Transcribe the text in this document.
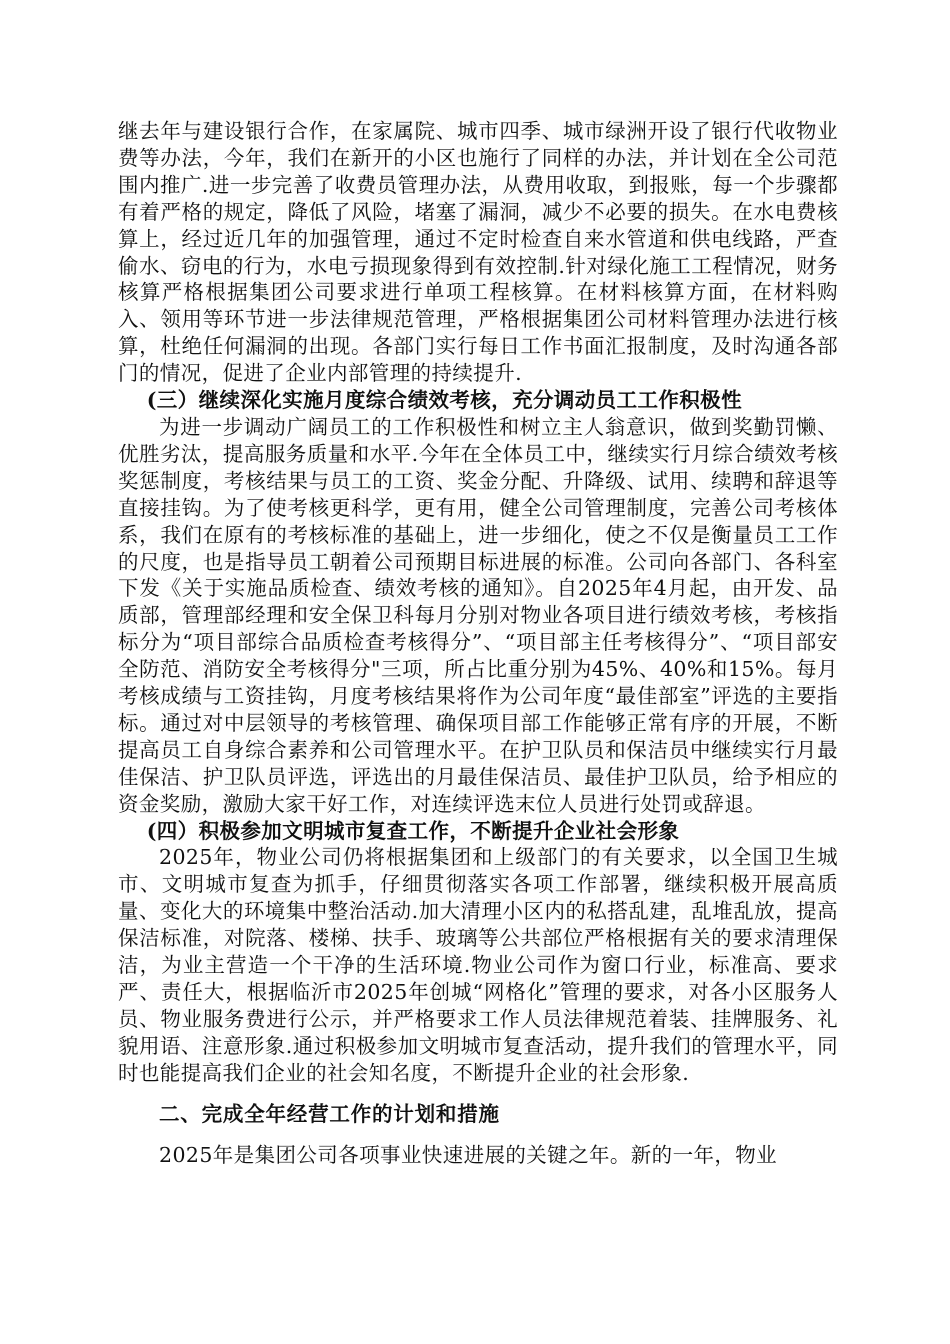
继去年与建设银行合作，在家属院、城市四季、城市绿洲开设了银行代收物业费等办法，今年，我们在新开的小区也施行了同样的办法，并计划在全公司范围内推广.进一步完善了收费员管理办法，从费用收取，到报账，每一个步骤都有着严格的规定，降低了风险，堵塞了漏洞，减少不必要的损失。在水电费核算上，经过近几年的加强管理，通过不定时检查自来水管道和供电线路，严查偷水、窃电的行为，水电亏损现象得到有效控制.针对绿化施工工程情况，财务核算严格根据集团公司要求进行单项工程核算。在材料核算方面，在材料购入、领用等环节进一步法律规范管理，严格根据集团公司材料管理办法进行核算，杜绝任何漏洞的出现。各部门实行每日工作书面汇报制度，及时沟通各部门的情况，促进了企业内部管理的持续提升.

(三）继续深化实施月度综合绩效考核，充分调动员工工作积极性

为进一步调动广阔员工的工作积极性和树立主人翁意识，做到奖勤罚懒、优胜劣汰，提高服务质量和水平.今年在全体员工中，继续实行月综合绩效考核奖惩制度，考核结果与员工的工资、奖金分配、升降级、试用、续聘和辞退等直接挂钩。为了使考核更科学，更有用，健全公司管理制度，完善公司考核体系，我们在原有的考核标准的基础上，进一步细化，使之不仅是衡量员工工作的尺度，也是指导员工朝着公司预期目标进展的标准。公司向各部门、各科室下发《关于实施品质检查、绩效考核的通知》。自2025年4月起，由开发、品质部，管理部经理和安全保卫科每月分别对物业各项目进行绩效考核，考核指标分为“项目部综合品质检查考核得分”、“项目部主任考核得分”、“项目部安全防范、消防安全考核得分"三项，所占比重分别为45%、40%和15%。每月考核成绩与工资挂钩，月度考核结果将作为公司年度“最佳部室”评选的主要指标。通过对中层领导的考核管理、确保项目部工作能够正常有序的开展，不断提高员工自身综合素养和公司管理水平。在护卫队员和保洁员中继续实行月最佳保洁、护卫队员评选，评选出的月最佳保洁员、最佳护卫队员，给予相应的资金奖励，激励大家干好工作，对连续评选末位人员进行处罚或辞退。

(四）积极参加文明城市复查工作，不断提升企业社会形象

2025年，物业公司仍将根据集团和上级部门的有关要求，以全国卫生城市、文明城市复查为抓手，仔细贯彻落实各项工作部署，继续积极开展高质量、变化大的环境集中整治活动.加大清理小区内的私搭乱建，乱堆乱放，提高保洁标准，对院落、楼梯、扶手、玻璃等公共部位严格根据有关的要求清理保洁，为业主营造一个干净的生活环境.物业公司作为窗口行业，标准高、要求严、责任大，根据临沂市2025年创城“网格化”管理的要求，对各小区服务人员、物业服务费进行公示，并严格要求工作人员法律规范着装、挂牌服务、礼貌用语、注意形象.通过积极参加文明城市复查活动，提升我们的管理水平，同时也能提高我们企业的社会知名度，不断提升企业的社会形象.

二、完成全年经营工作的计划和措施

2025年是集团公司各项事业快速进展的关键之年。新的一年，物业
